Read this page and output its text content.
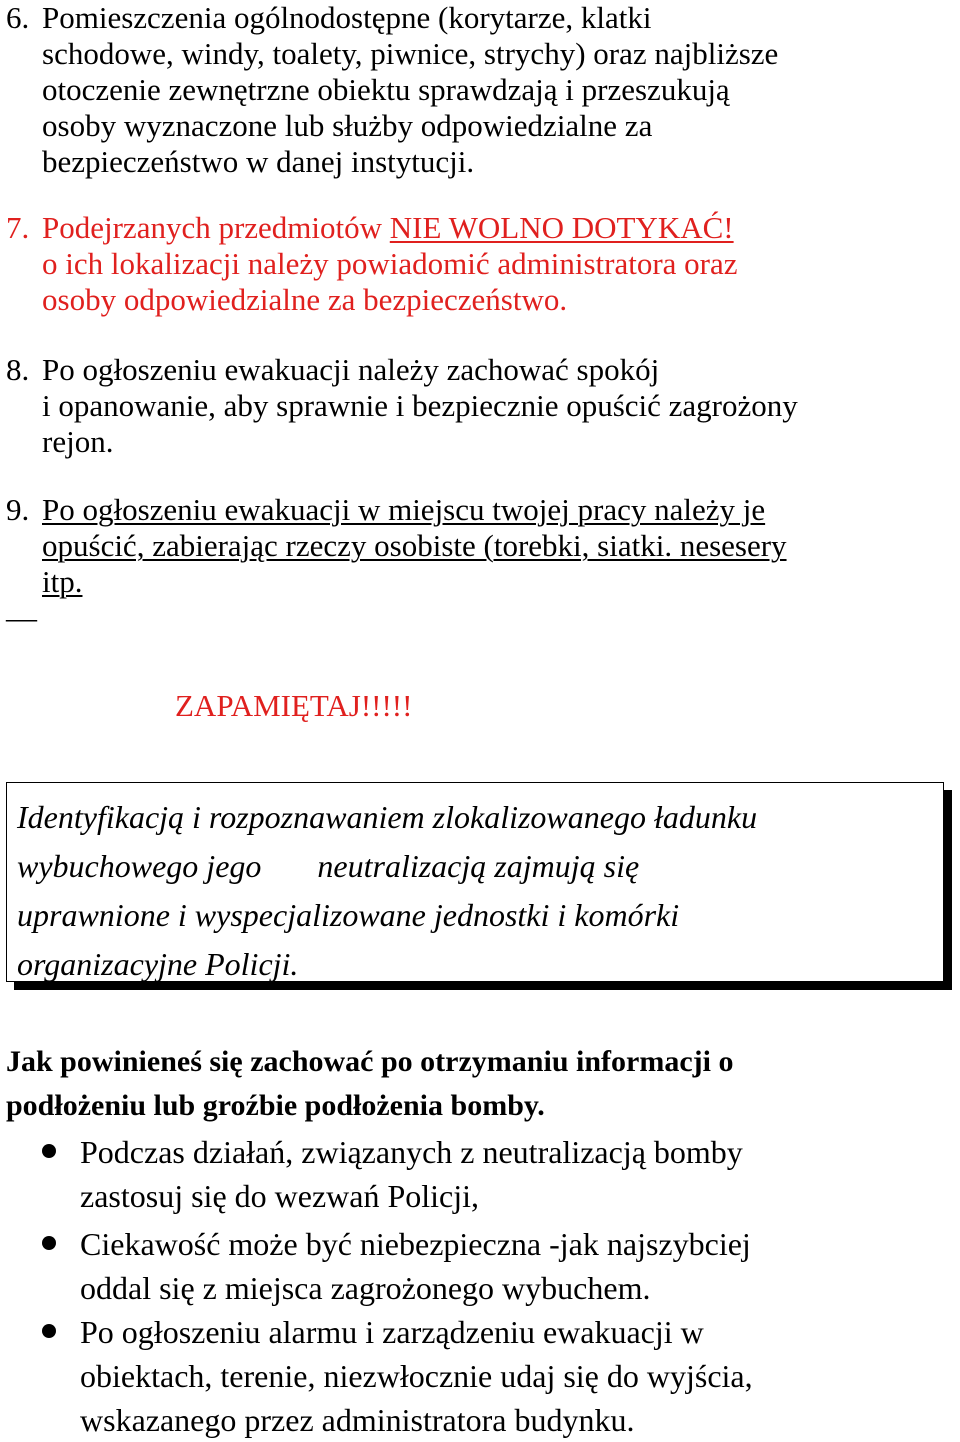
6. Pomieszczenia ogólnodostępne (korytarze, klatki
schodowe, windy, toalety, piwnice, strychy) oraz najbliższe
otoczenie zewnętrzne obiektu sprawdzają i przeszukują
osoby wyznaczone lub służby odpowiedzialne za
bezpieczeństwo w danej instytucji.
7. Podejrzanych przedmiotów NIE WOLNO DOTYKAĆ!
o ich lokalizacji należy powiadomić administratora oraz
osoby odpowiedzialne za bezpieczeństwo.
8. Po ogłoszeniu ewakuacji należy zachować spokój
i opanowanie, aby sprawnie i bezpiecznie opuścić zagrożony
rejon.
9. Po ogłoszeniu ewakuacji w miejscu twojej pracy należy je
opuścić, zabierając rzeczy osobiste (torebki, siatki. nesesery
itp.
—
ZAPAMIĘTAJ!!!!!
Identyfikacją i rozpoznawaniem zlokalizowanego ładunku
wybuchowego jego       neutralizacją zajmują się
uprawnione i wyspecjalizowane jednostki i komórki
organizacyjne Policji.
Jak powinieneś się zachować po otrzymaniu informacji o
podłożeniu lub groźbie podłożenia bomby.
Podczas działań, związanych z neutralizacją bomby
zastosuj się do wezwań Policji,
Ciekawość może być niebezpieczna -jak najszybciej
oddal się z miejsca zagrożonego wybuchem.
Po ogłoszeniu alarmu i zarządzeniu ewakuacji w
obiektach, terenie, niezwłocznie udaj się do wyjścia,
wskazanego przez administratora budynku.
